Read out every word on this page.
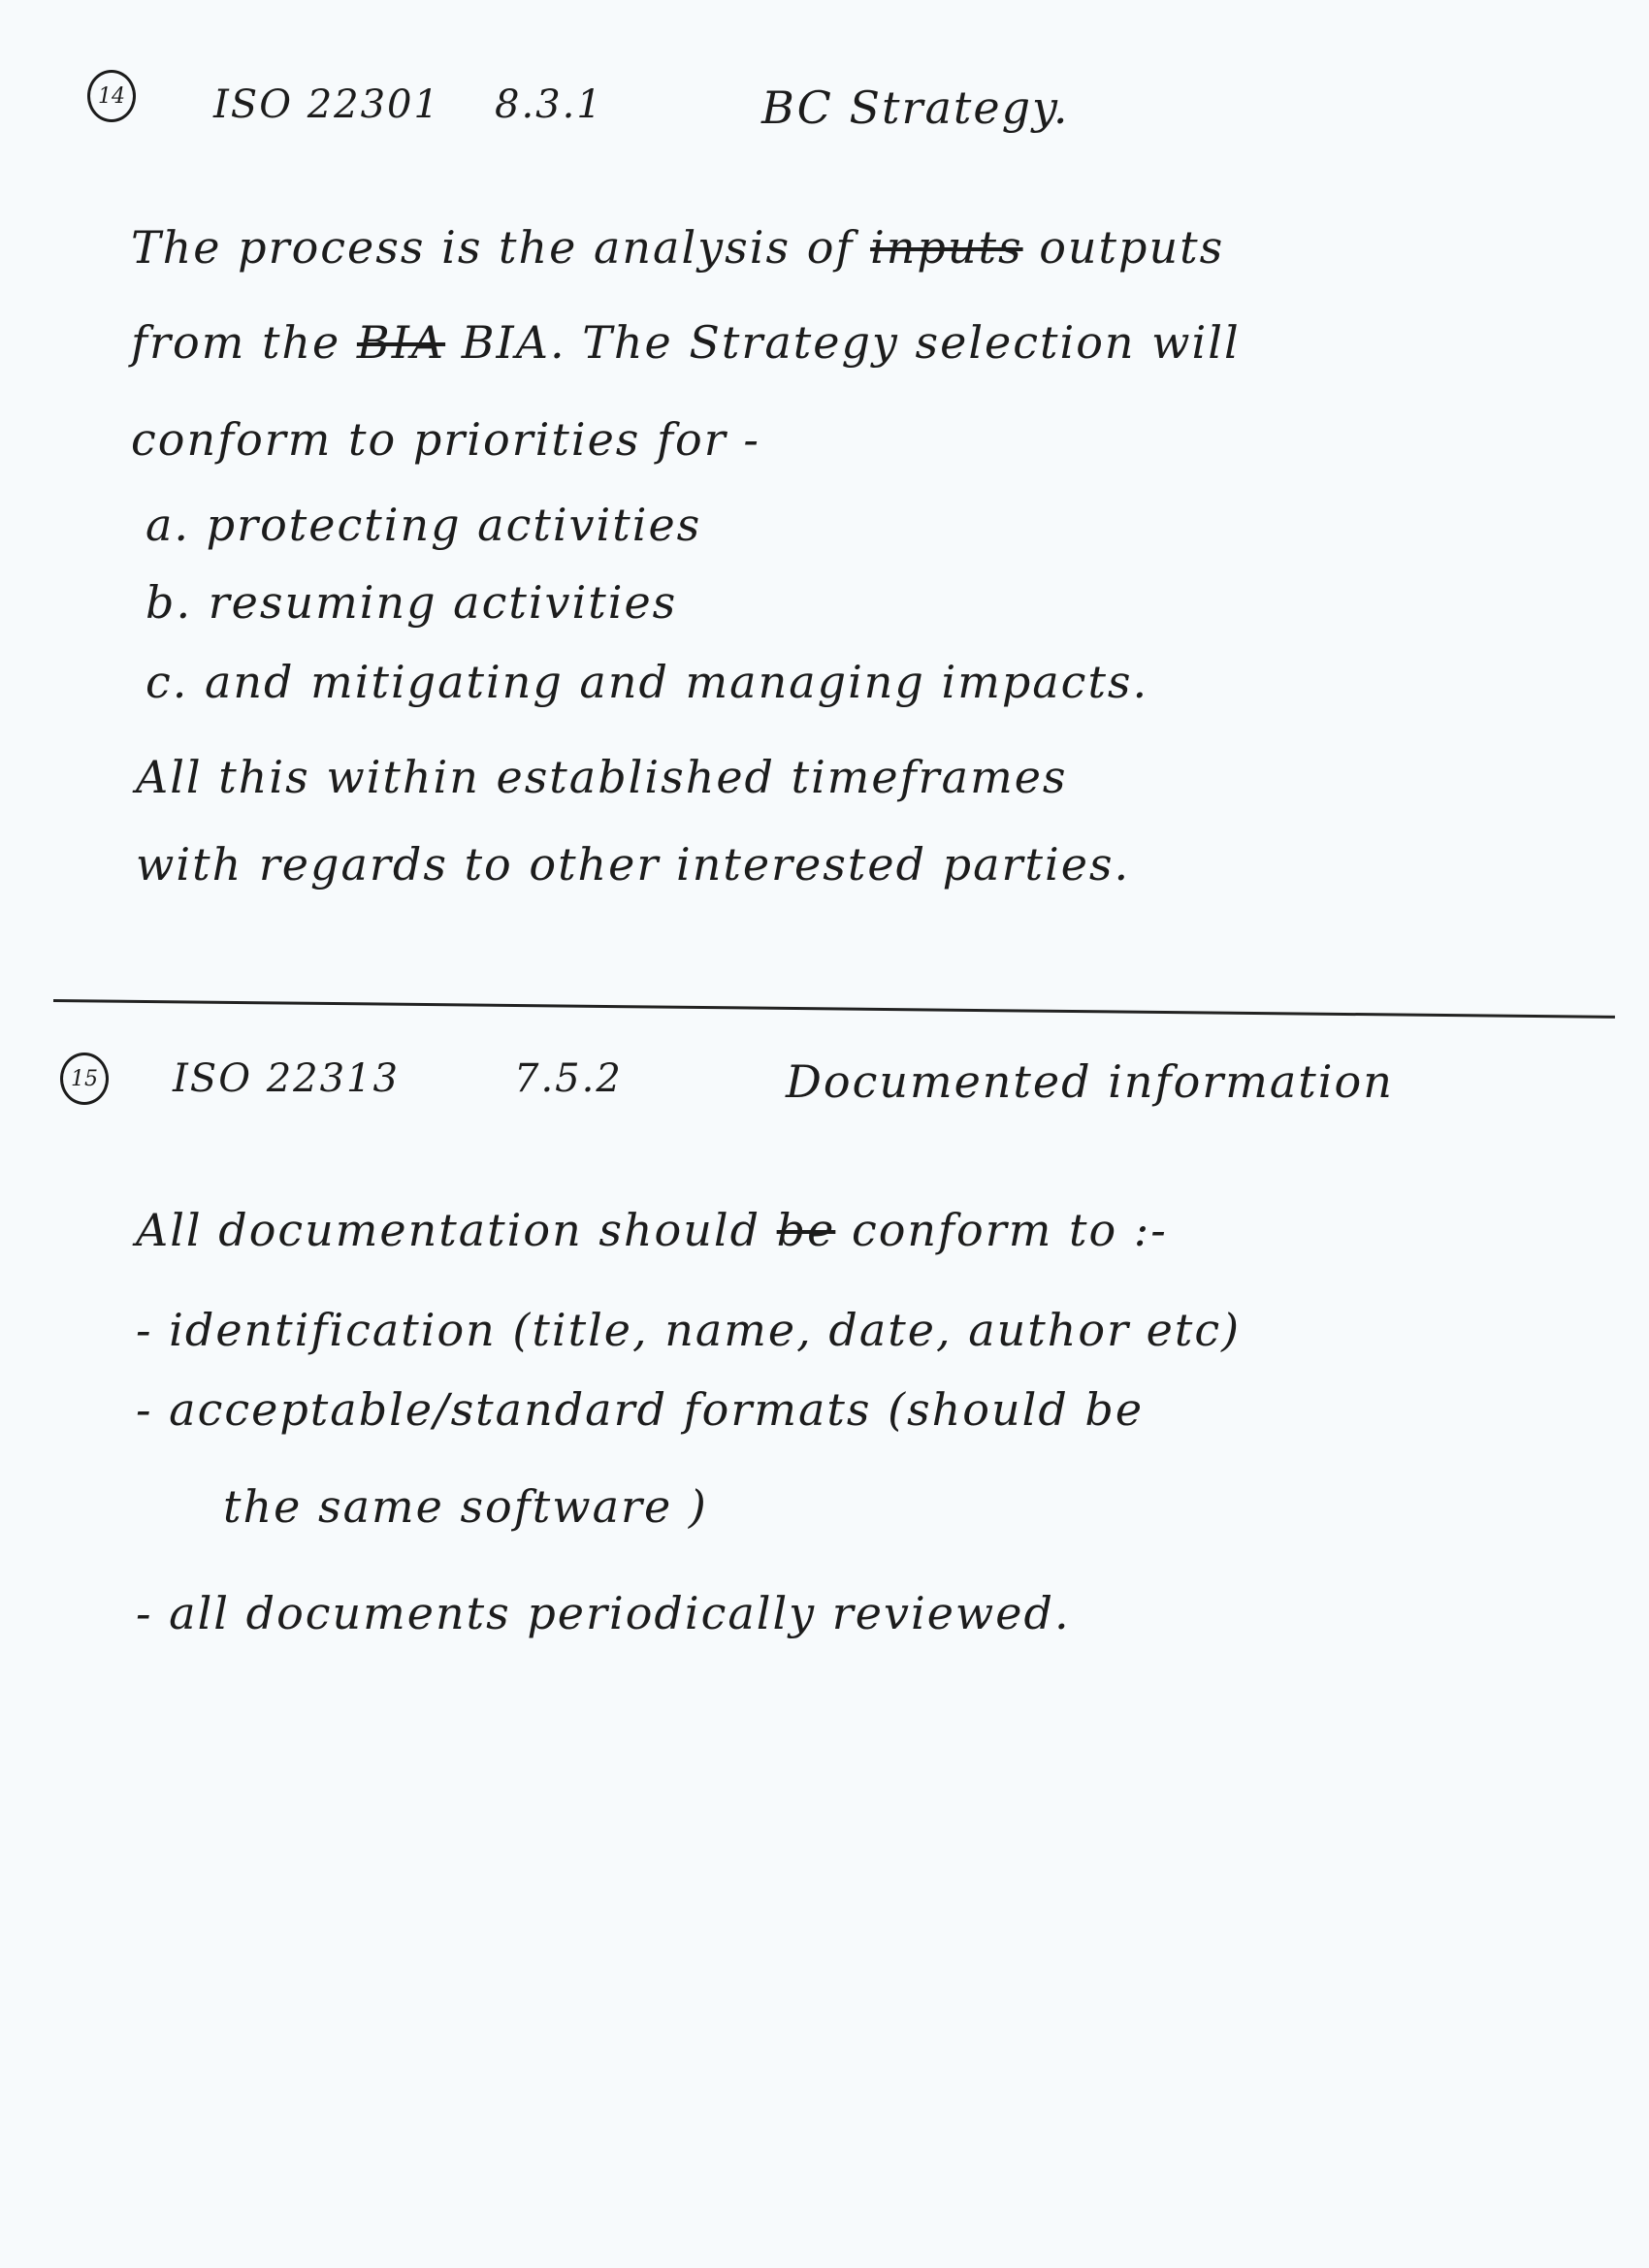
14 ISO 22301 8.3.1	BC Strategy.
The process is the analysis of inputs outputs
from the BIA BIA. The Strategy selection will
conform to priorities for -
a. protecting activities
b. resuming activities
c. and mitigating and managing impacts.
All this within established timeframes
with regards to other interested parties.
15 ISO 22313	7.5.2	Documented information
All documentation should be conform to :-
- identification (title, name, date, author etc)
- acceptable/standard formats (should be
the same software )
- all documents periodically reviewed.
